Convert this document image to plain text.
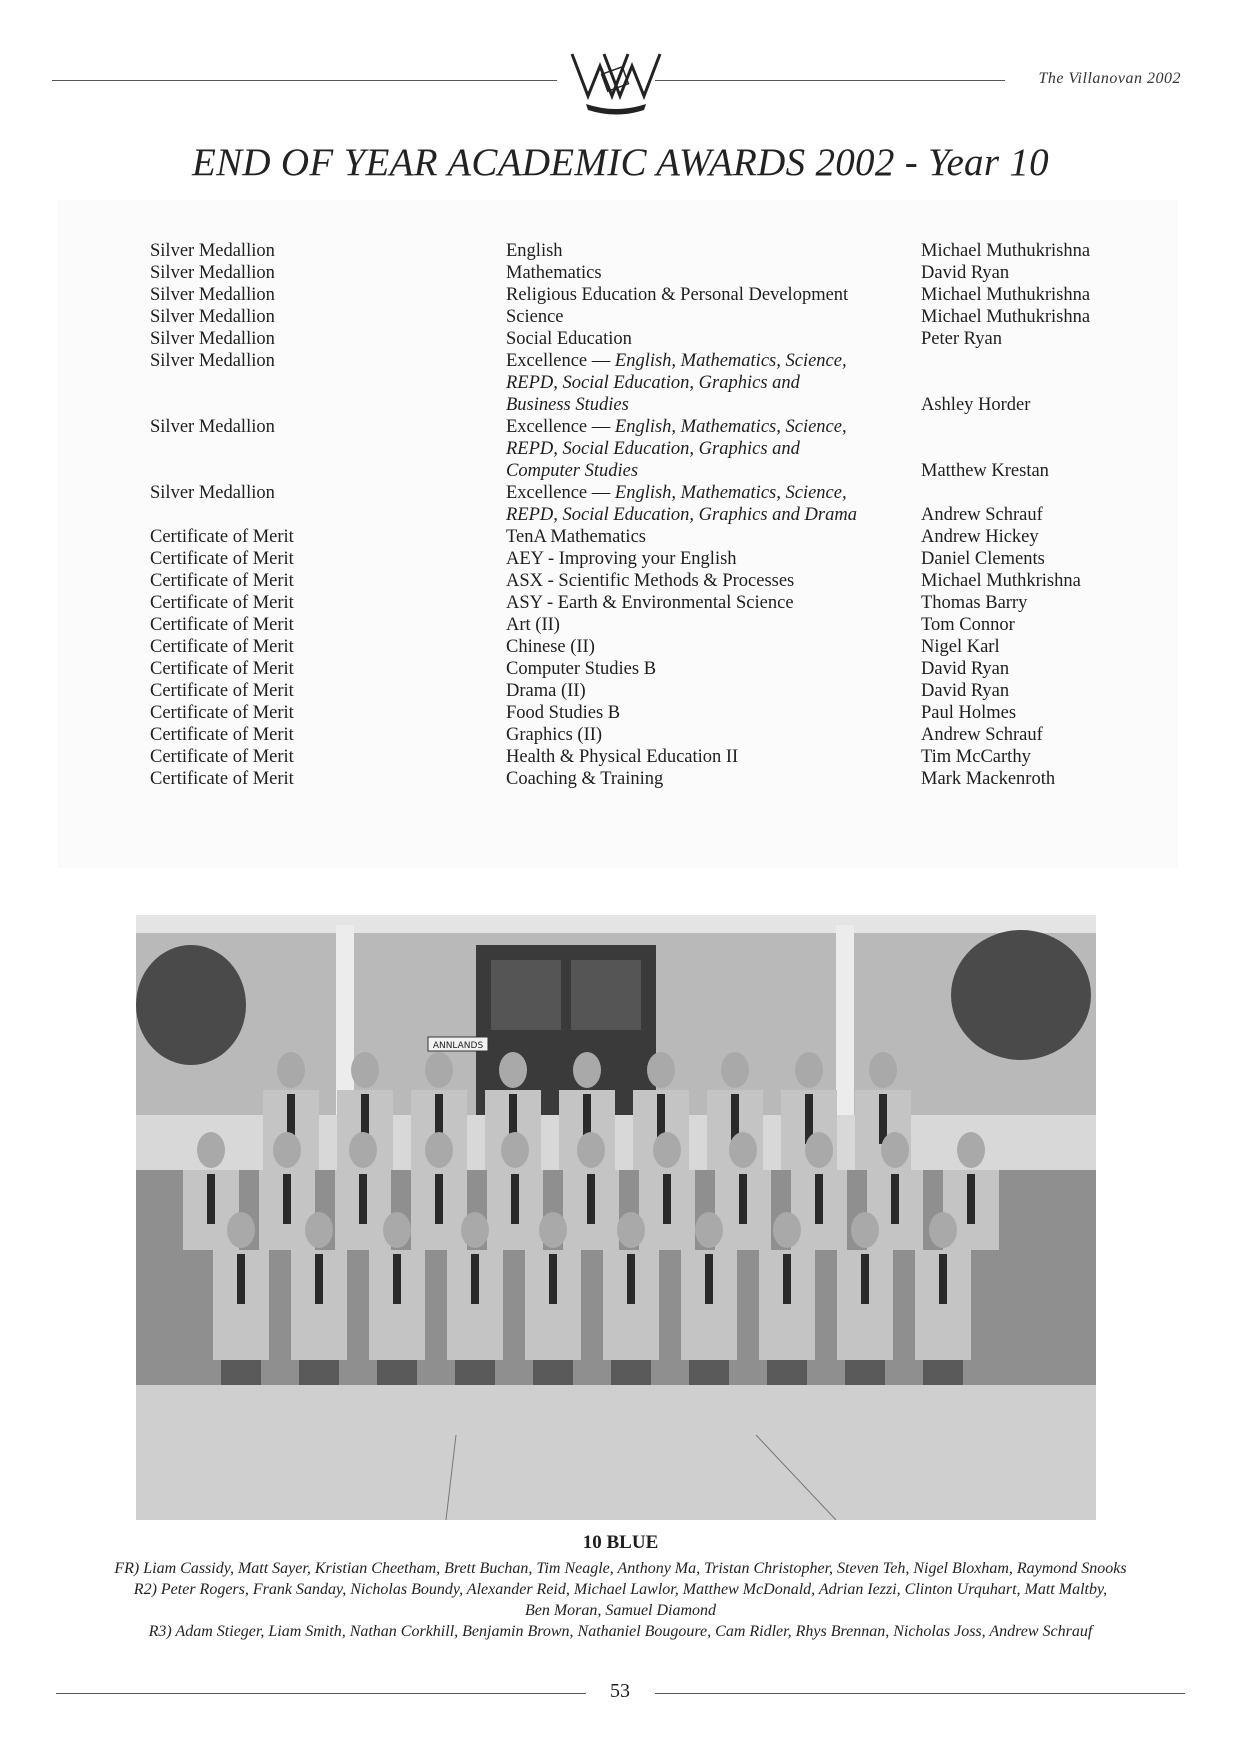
The Villanovan 2002
END OF YEAR ACADEMIC AWARDS 2002 - Year 10
Silver Medallion	English	Michael Muthukrishna
Silver Medallion	Mathematics	David Ryan
Silver Medallion	Religious Education & Personal Development	Michael Muthukrishna
Silver Medallion	Science	Michael Muthukrishna
Silver Medallion	Social Education	Peter Ryan
Silver Medallion	Excellence — English, Mathematics, Science,
REPD, Social Education, Graphics and
Business Studies	Ashley Horder
Silver Medallion	Excellence — English, Mathematics, Science,
REPD, Social Education, Graphics and
Computer Studies	Matthew Krestan
Silver Medallion	Excellence — English, Mathematics, Science,
REPD, Social Education, Graphics and Drama	Andrew Schrauf
Certificate of Merit	TenA Mathematics	Andrew Hickey
Certificate of Merit	AEY - Improving your English	Daniel Clements
Certificate of Merit	ASX - Scientific Methods & Processes	Michael Muthkrishna
Certificate of Merit	ASY - Earth & Environmental Science	Thomas Barry
Certificate of Merit	Art (II)	Tom Connor
Certificate of Merit	Chinese (II)	Nigel Karl
Certificate of Merit	Computer Studies B	David Ryan
Certificate of Merit	Drama (II)	David Ryan
Certificate of Merit	Food Studies B	Paul Holmes
Certificate of Merit	Graphics (II)	Andrew Schrauf
Certificate of Merit	Health & Physical Education II	Tim McCarthy
Certificate of Merit	Coaching & Training	Mark Mackenroth
ANNLANDS
10 BLUE
FR) Liam Cassidy, Matt Sayer, Kristian Cheetham, Brett Buchan, Tim Neagle, Anthony Ma, Tristan Christopher, Steven Teh, Nigel Bloxham, Raymond Snooks
R2) Peter Rogers, Frank Sanday, Nicholas Boundy, Alexander Reid, Michael Lawlor, Matthew McDonald, Adrian Iezzi, Clinton Urquhart, Matt Maltby,
Ben Moran, Samuel Diamond
R3) Adam Stieger, Liam Smith, Nathan Corkhill, Benjamin Brown, Nathaniel Bougoure, Cam Ridler, Rhys Brennan, Nicholas Joss, Andrew Schrauf
53
